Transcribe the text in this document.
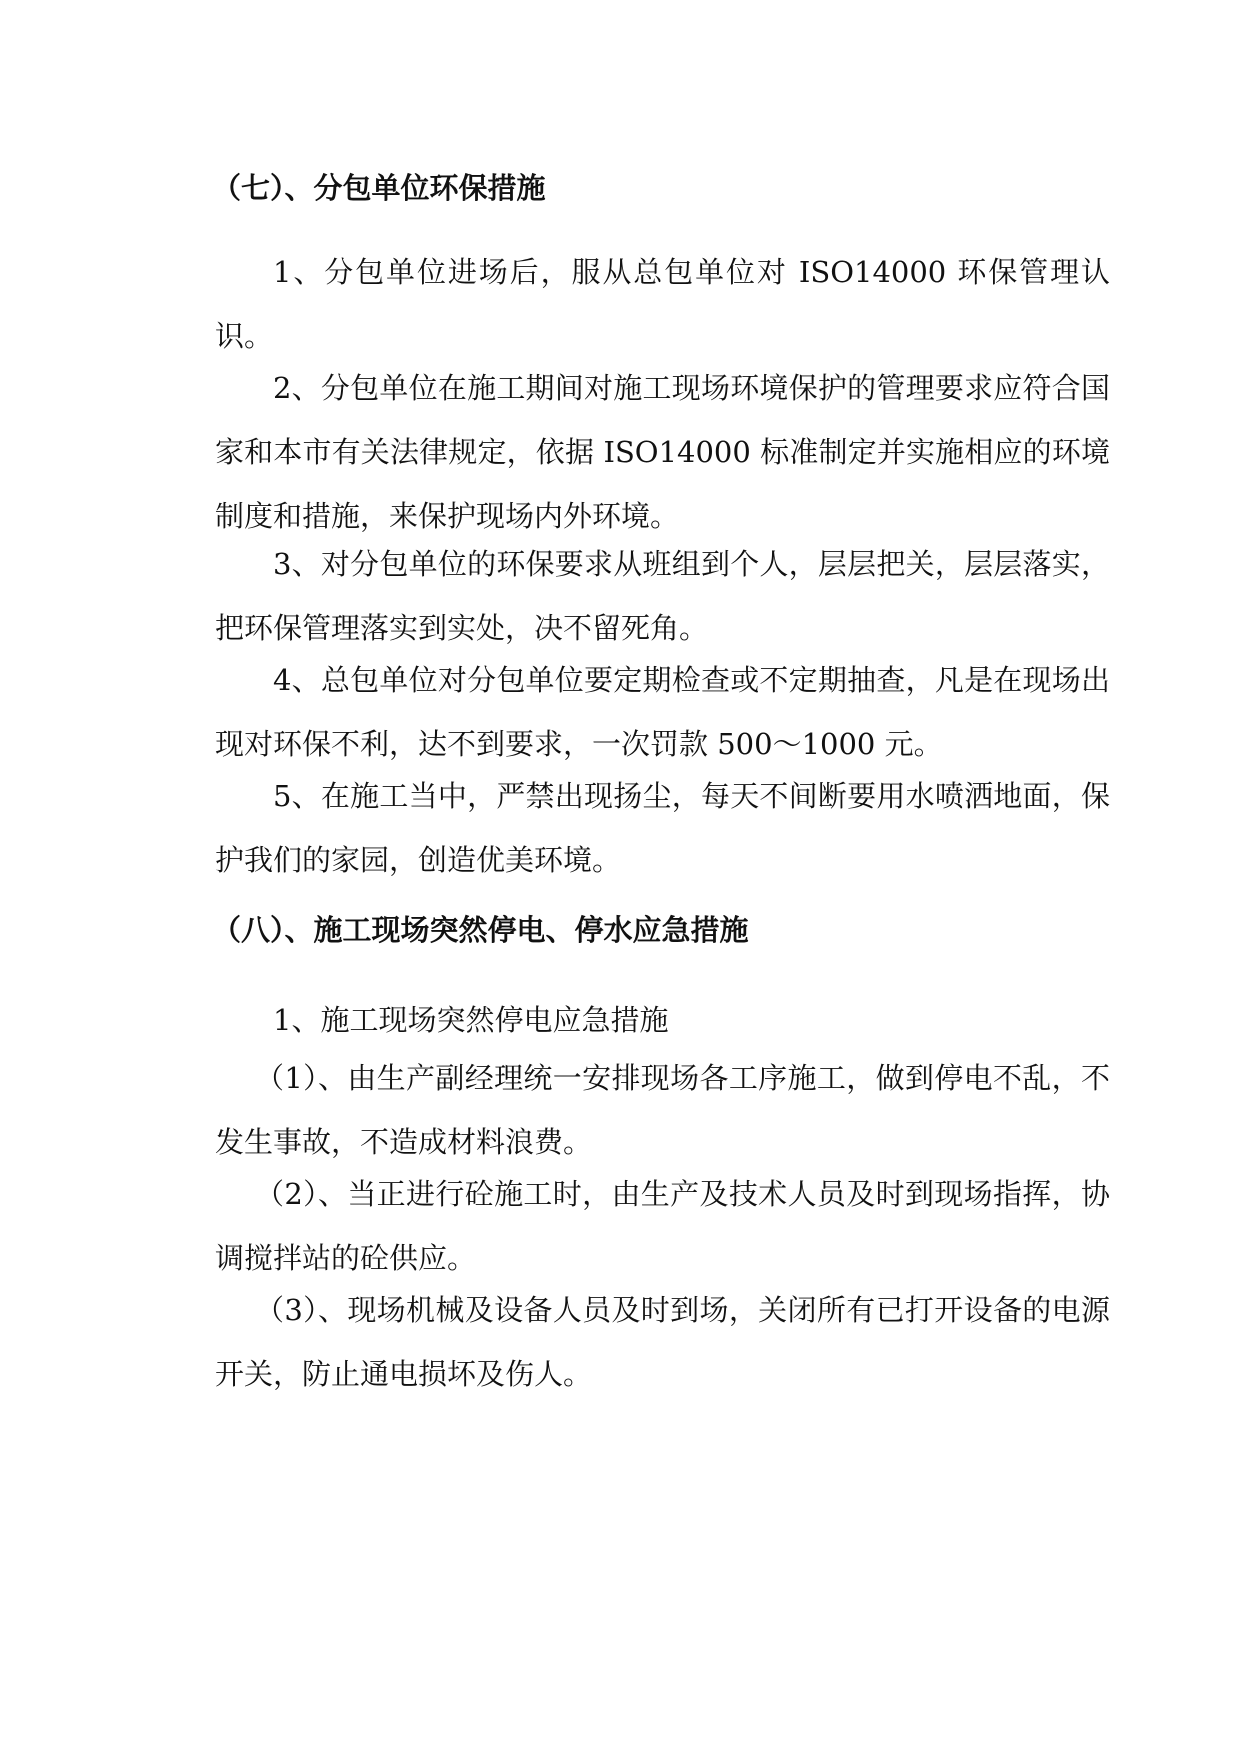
（七）、分包单位环保措施
1、分包单位进场后，服从总包单位对 ISO14000 环保管理认识。
2、分包单位在施工期间对施工现场环境保护的管理要求应符合国家和本市有关法律规定，依据 ISO14000 标准制定并实施相应的环境制度和措施，来保护现场内外环境。
3、对分包单位的环保要求从班组到个人，层层把关，层层落实，把环保管理落实到实处，决不留死角。
4、总包单位对分包单位要定期检查或不定期抽查，凡是在现场出现对环保不利，达不到要求，一次罚款 500～1000 元。
5、在施工当中，严禁出现扬尘，每天不间断要用水喷洒地面，保护我们的家园，创造优美环境。
（八）、施工现场突然停电、停水应急措施
1、施工现场突然停电应急措施
（1）、由生产副经理统一安排现场各工序施工，做到停电不乱，不发生事故，不造成材料浪费。
（2）、当正进行砼施工时，由生产及技术人员及时到现场指挥，协调搅拌站的砼供应。
（3）、现场机械及设备人员及时到场，关闭所有已打开设备的电源开关，防止通电损坏及伤人。
